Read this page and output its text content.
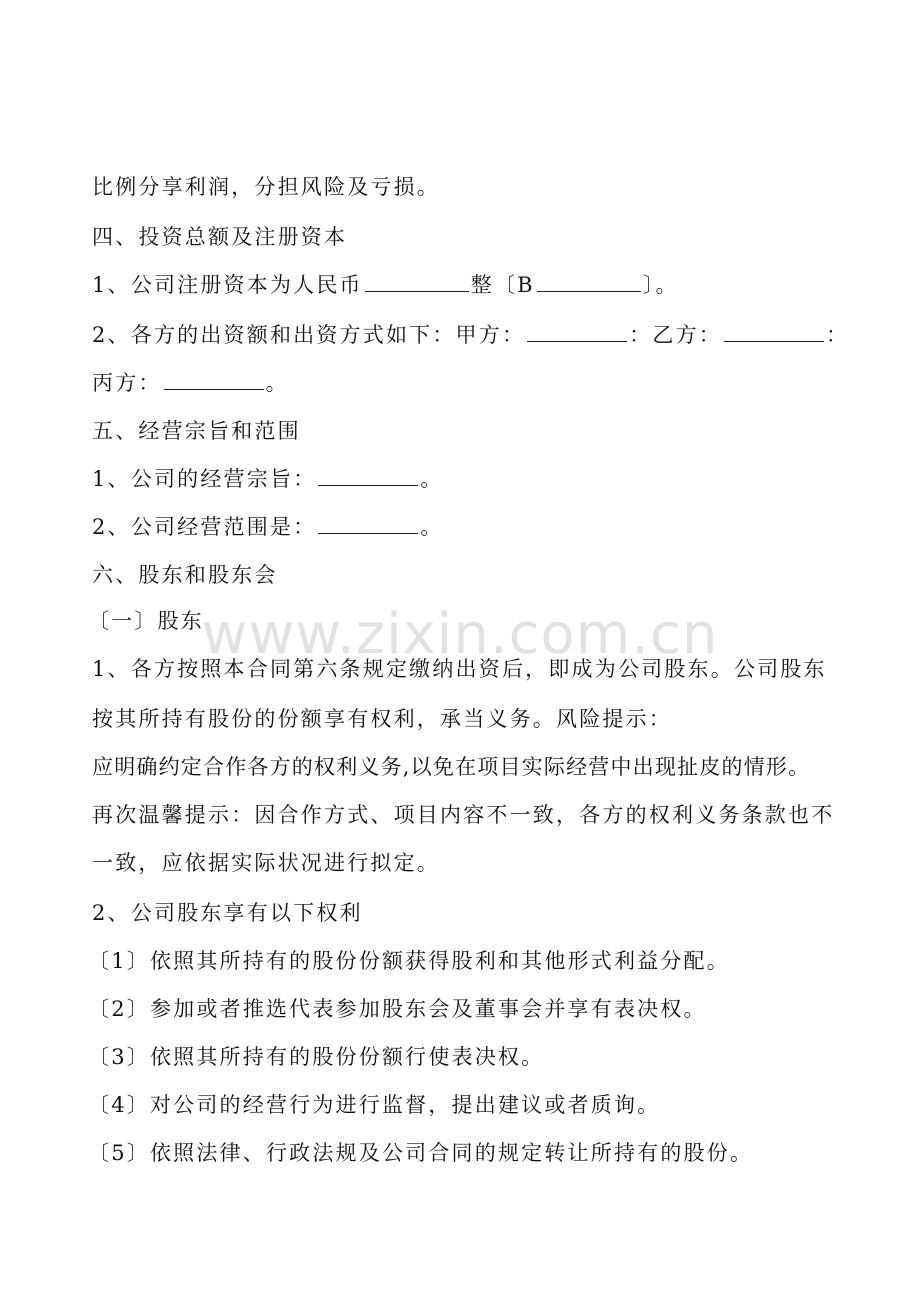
www.zixin.com.cn
比例分享利润，分担风险及亏损。
四、投资总额及注册资本
1、公司注册资本为人民币	整〔B	〕。
2、各方的出资额和出资方式如下：甲方：	：乙方：	：
丙方：	。
五、经营宗旨和范围
1、公司的经营宗旨：	。
2、公司经营范围是：	。
六、股东和股东会
〔一〕股东
1、各方按照本合同第六条规定缴纳出资后，即成为公司股东。公司股东
按其所持有股份的份额享有权利，承当义务。风险提示：
应明确约定合作各方的权利义务,以免在项目实际经营中出现扯皮的情形。
再次温馨提示：因合作方式、项目内容不一致，各方的权利义务条款也不
一致，应依据实际状况进行拟定。
2、公司股东享有以下权利
〔1〕依照其所持有的股份份额获得股利和其他形式利益分配。
〔2〕参加或者推选代表参加股东会及董事会并享有表决权。
〔3〕依照其所持有的股份份额行使表决权。
〔4〕对公司的经营行为进行监督，提出建议或者质询。
〔5〕依照法律、行政法规及公司合同的规定转让所持有的股份。
